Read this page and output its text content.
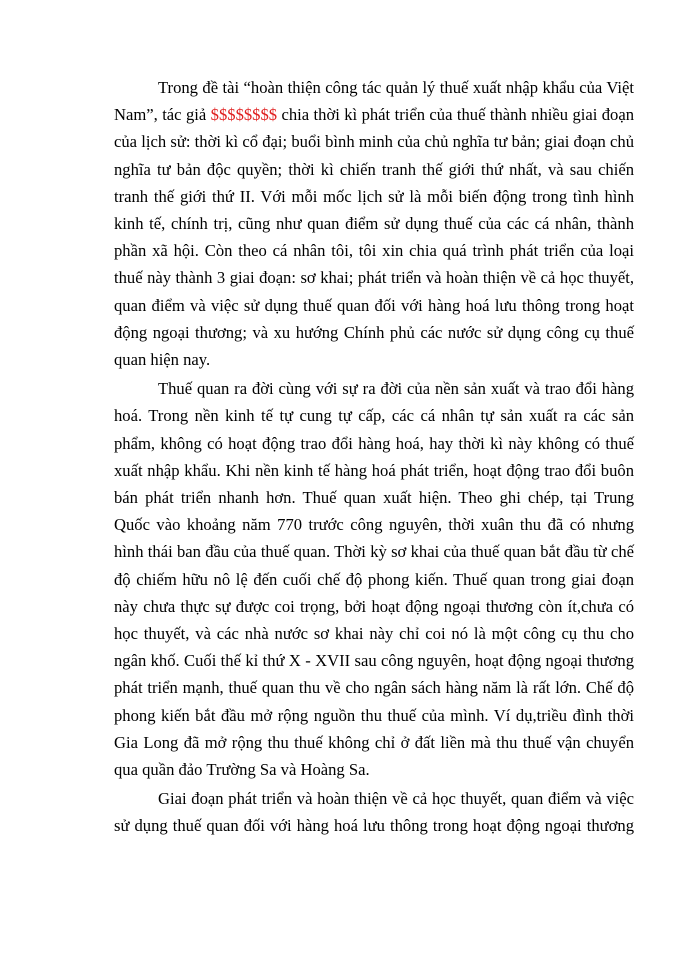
Trong đề tài “hoàn thiện công tác quản lý thuế xuất nhập khẩu của Việt Nam”, tác giả $$$$$$$$ chia thời kì phát triển của thuế thành nhiều giai đoạn của lịch sử: thời kì cổ đại; buổi bình minh của chủ nghĩa tư bản; giai đoạn chủ nghĩa tư bản độc quyền; thời kì chiến tranh thế giới thứ nhất, và sau chiến tranh thế giới thứ II. Với mỗi mốc lịch sử là mỗi biến động trong tình hình kinh tế, chính trị, cũng như quan điểm sử dụng thuế của các cá nhân, thành phần xã hội. Còn theo cá nhân tôi, tôi xin chia quá trình phát triển của loại thuế này thành 3 giai đoạn: sơ khai; phát triển và hoàn thiện về cả học thuyết, quan điểm và việc sử dụng thuế quan đối với hàng hoá lưu thông trong hoạt động ngoại thương; và xu hướng Chính phủ các nước sử dụng công cụ thuế quan hiện nay.

Thuế quan ra đời cùng với sự ra đời của nền sản xuất và trao đổi hàng hoá. Trong nền kinh tế tự cung tự cấp, các cá nhân tự sản xuất ra các sản phẩm, không có hoạt động trao đổi hàng hoá, hay thời kì này không có thuế xuất nhập khẩu. Khi nền kinh tế hàng hoá phát triển, hoạt động trao đổi buôn bán phát triển nhanh hơn. Thuế quan xuất hiện. Theo ghi chép, tại Trung Quốc vào khoảng năm 770 trước công nguyên, thời xuân thu đã có nhưng hình thái ban đầu của thuế quan. Thời kỳ sơ khai của thuế quan bắt đầu từ chế độ chiếm hữu nô lệ đến cuối chế độ phong kiến. Thuế quan trong giai đoạn này chưa thực sự được coi trọng, bởi hoạt động ngoại thương còn ít,chưa có học thuyết, và các nhà nước sơ khai này chỉ coi nó là một công cụ thu cho ngân khố. Cuối thế kỉ thứ X - XVII sau công nguyên, hoạt động ngoại thương phát triển mạnh, thuế quan thu về cho ngân sách hàng năm là rất lớn. Chế độ phong kiến bắt đầu mở rộng nguồn thu thuế của mình. Ví dụ,triều đình thời Gia Long đã mở rộng thu thuế không chỉ ở đất liền mà thu thuế vận chuyển qua quần đảo Trường Sa và Hoàng Sa.

Giai đoạn phát triển và hoàn thiện về cả học thuyết, quan điểm và việc sử dụng thuế quan đối với hàng hoá lưu thông trong hoạt động ngoại thương
